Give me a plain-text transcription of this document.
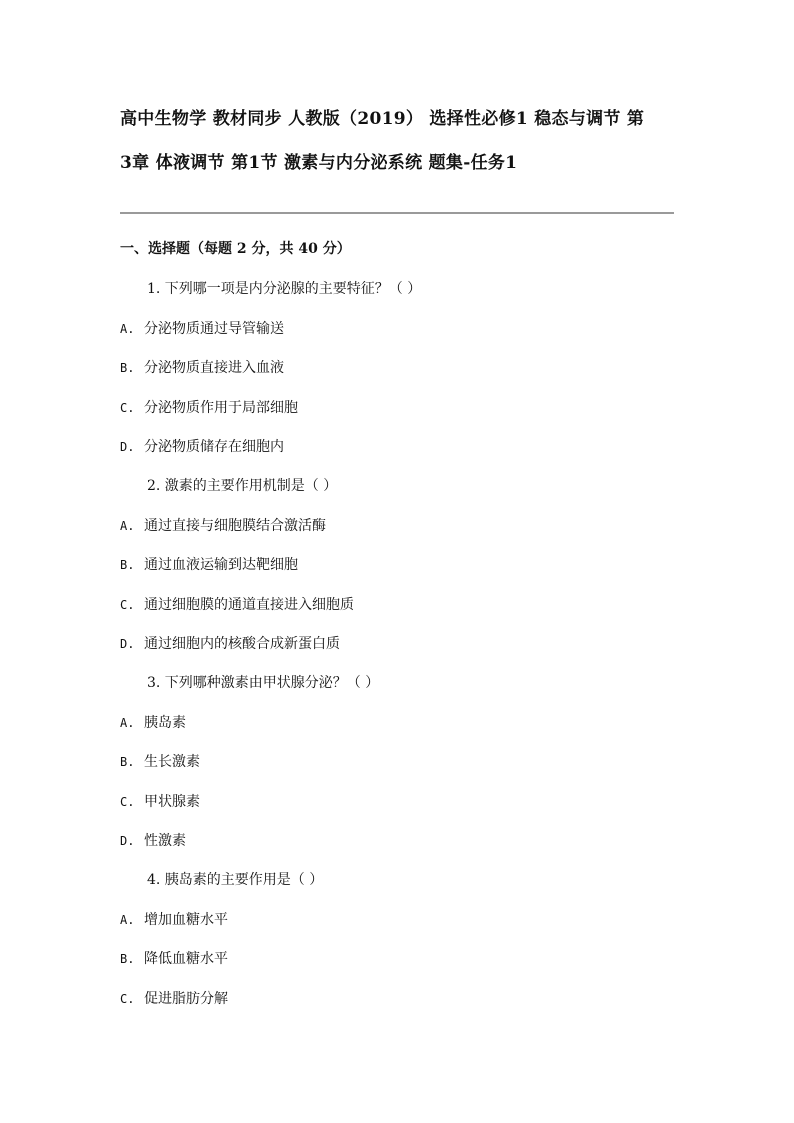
高中生物学 教材同步 人教版（2019） 选择性必修1 稳态与调节 第
3章 体液调节 第1节 激素与内分泌系统 题集-任务1
一、选择题（每题 2 分，共 40 分）
1. 下列哪一项是内分泌腺的主要特征？（ ）
A. 分泌物质通过导管输送
B. 分泌物质直接进入血液
C. 分泌物质作用于局部细胞
D. 分泌物质储存在细胞内
2. 激素的主要作用机制是（ ）
A. 通过直接与细胞膜结合激活酶
B. 通过血液运输到达靶细胞
C. 通过细胞膜的通道直接进入细胞质
D. 通过细胞内的核酸合成新蛋白质
3. 下列哪种激素由甲状腺分泌？（ ）
A. 胰岛素
B. 生长激素
C. 甲状腺素
D. 性激素
4. 胰岛素的主要作用是（ ）
A. 增加血糖水平
B. 降低血糖水平
C. 促进脂肪分解
